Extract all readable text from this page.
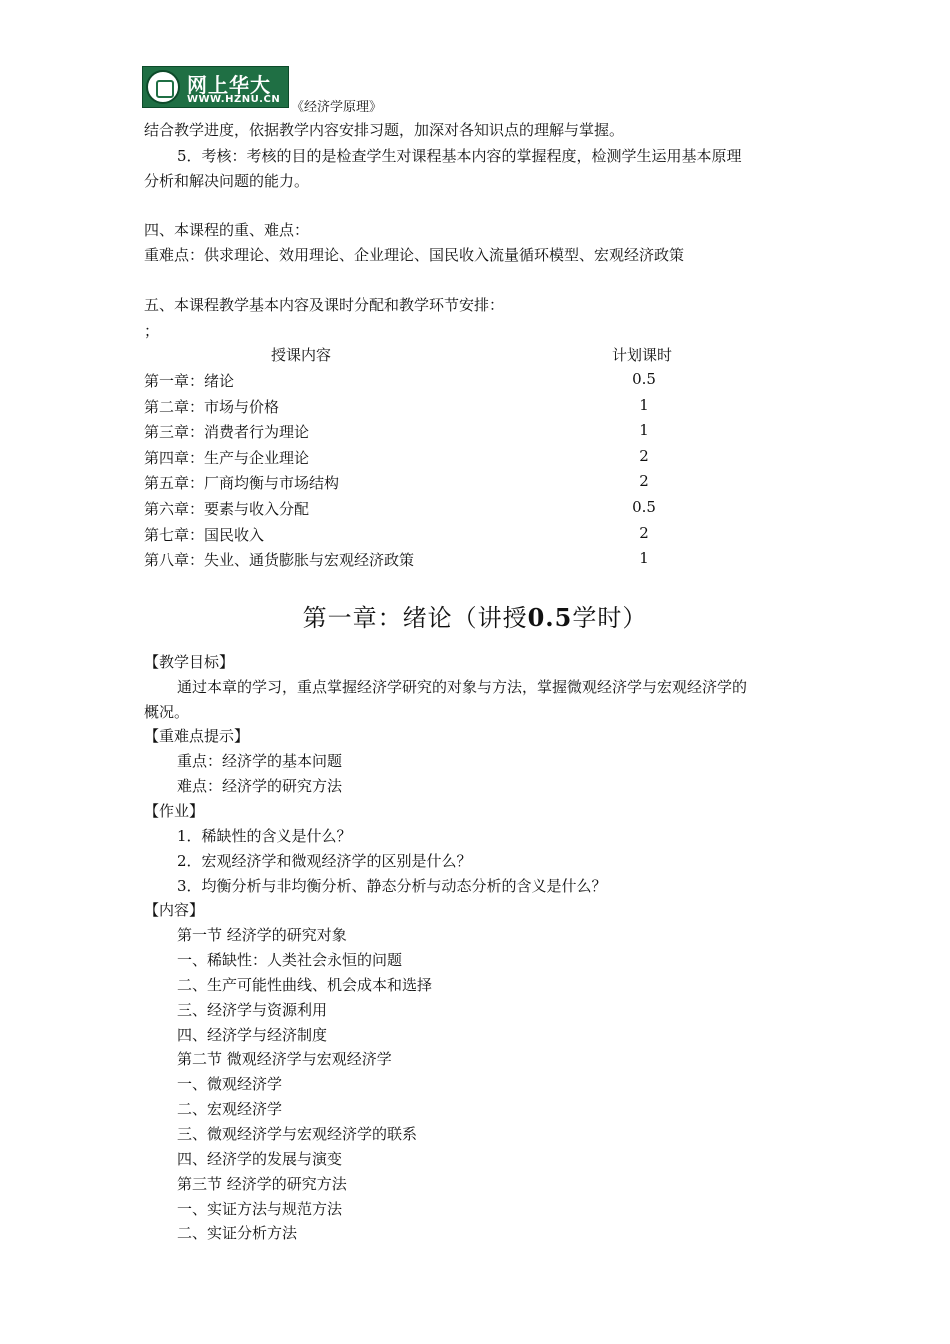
网上华大
WWW.HZNU.CN
《经济学原理》
结合教学进度，依据教学内容安排习题，加深对各知识点的理解与掌握。
5．考核：考核的目的是检查学生对课程基本内容的掌握程度，检测学生运用基本原理
分析和解决问题的能力。
四、本课程的重、难点：
重难点：供求理论、效用理论、企业理论、国民收入流量循环模型、宏观经济政策
五、本课程教学基本内容及课时分配和教学环节安排：
；
授课内容	计划课时
第一章：绪论	0.5
第二章：市场与价格	1
第三章：消费者行为理论	1
第四章：生产与企业理论	2
第五章：厂商均衡与市场结构	2
第六章：要素与收入分配	0.5
第七章：国民收入	2
第八章：失业、通货膨胀与宏观经济政策	1
第一章：绪论（讲授0.5学时）
【教学目标】
通过本章的学习，重点掌握经济学研究的对象与方法，掌握微观经济学与宏观经济学的
概况。
【重难点提示】
重点：经济学的基本问题
难点：经济学的研究方法
【作业】
1．稀缺性的含义是什么？
2．宏观经济学和微观经济学的区别是什么？
3．均衡分析与非均衡分析、静态分析与动态分析的含义是什么？
【内容】
第一节 经济学的研究对象
一、稀缺性：人类社会永恒的问题
二、生产可能性曲线、机会成本和选择
三、经济学与资源利用
四、经济学与经济制度
第二节 微观经济学与宏观经济学
一、微观经济学
二、宏观经济学
三、微观经济学与宏观经济学的联系
四、经济学的发展与演变
第三节 经济学的研究方法
一、实证方法与规范方法
二、实证分析方法
